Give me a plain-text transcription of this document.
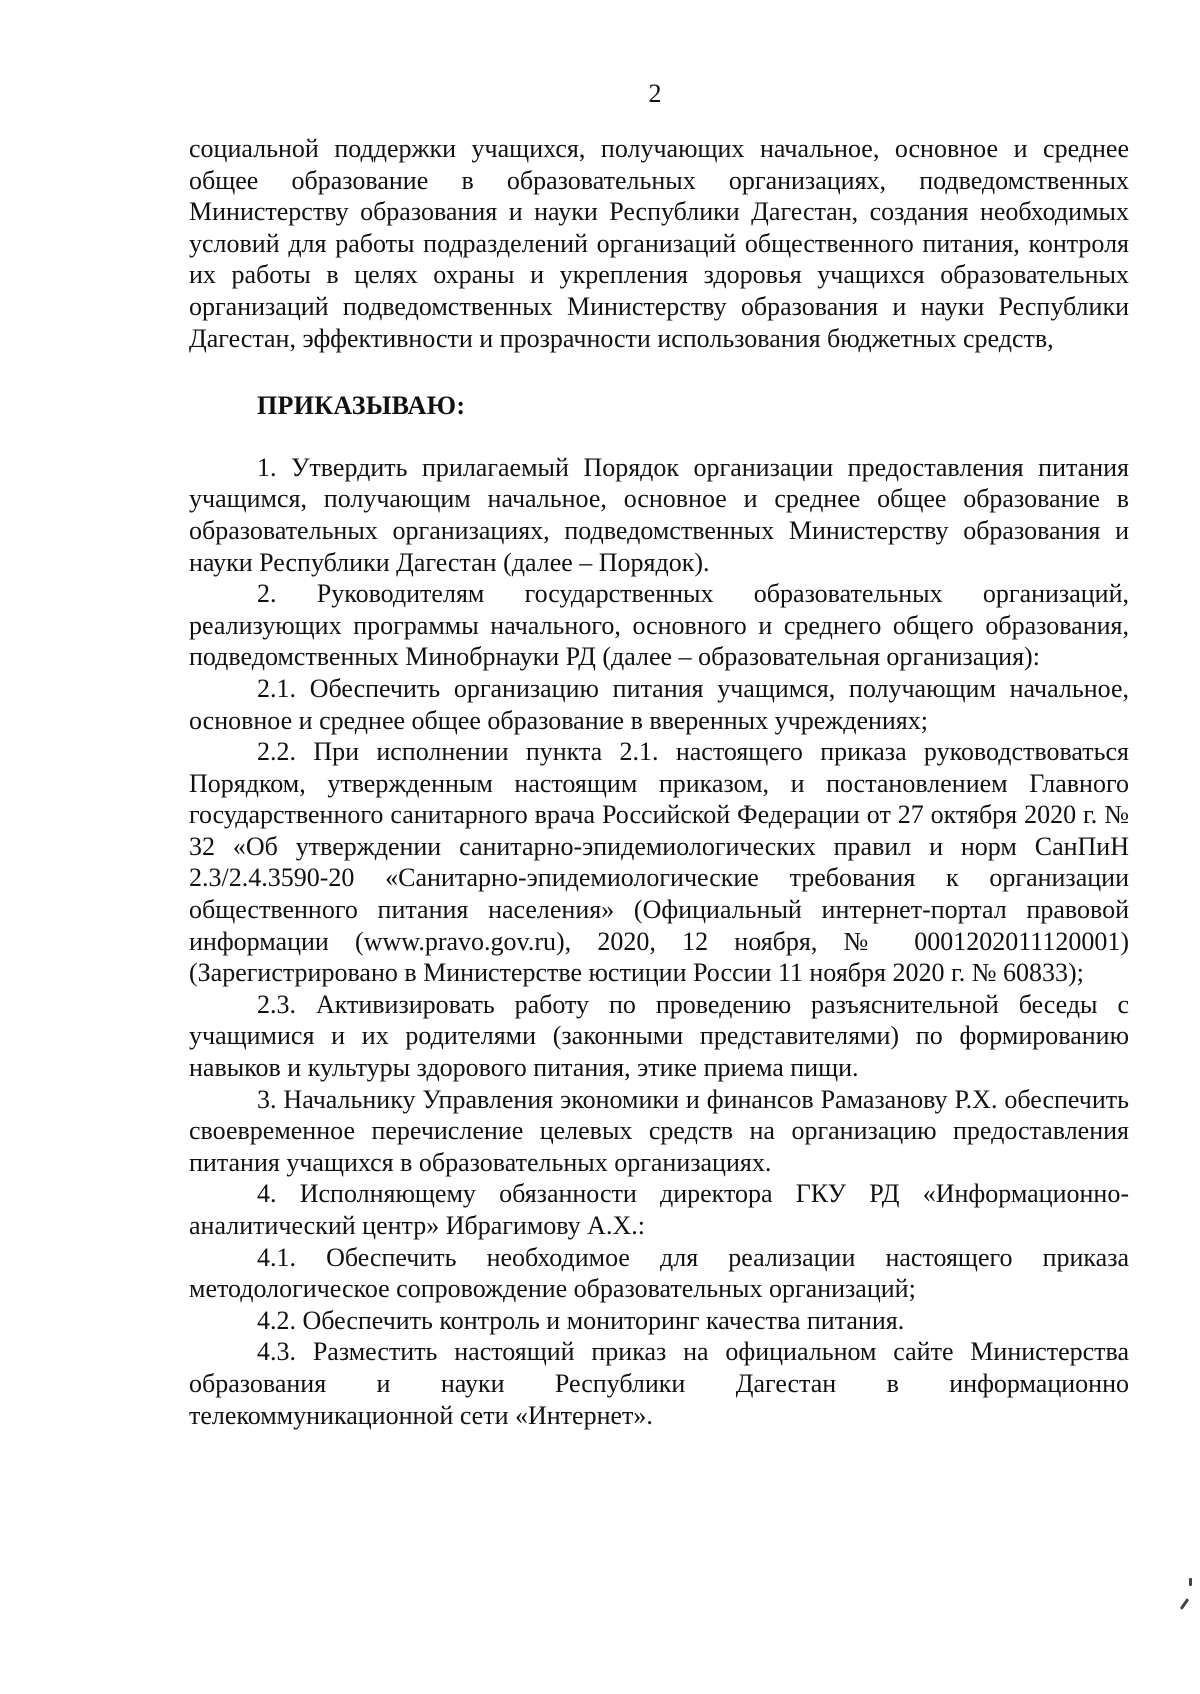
2

социальной поддержки учащихся, получающих начальное, основное и среднее общее образование в образовательных организациях, подведомственных Министерству образования и науки Республики Дагестан, создания необходимых условий для работы подразделений организаций общественного питания, контроля их работы в целях охраны и укрепления здоровья учащихся образовательных организаций подведомственных Министерству образования и науки Республики Дагестан, эффективности и прозрачности использования бюджетных средств,

ПРИКАЗЫВАЮ:

1. Утвердить прилагаемый Порядок организации предоставления питания учащимся, получающим начальное, основное и среднее общее образование в образовательных организациях, подведомственных Министерству образования и науки Республики Дагестан (далее – Порядок).

2. Руководителям государственных образовательных организаций, реализующих программы начального, основного и среднего общего образования, подведомственных Минобрнауки РД (далее – образовательная организация):

2.1. Обеспечить организацию питания учащимся, получающим начальное, основное и среднее общее образование в вверенных учреждениях;

2.2. При исполнении пункта 2.1. настоящего приказа руководствоваться Порядком, утвержденным настоящим приказом, и постановлением Главного государственного санитарного врача Российской Федерации от 27 октября 2020 г. № 32 «Об утверждении санитарно-эпидемиологических правил и норм СанПиН 2.3/2.4.3590-20 «Санитарно-эпидемиологические требования к организации общественного питания населения» (Официальный интернет-портал правовой информации (www.pravo.gov.ru), 2020, 12 ноября, № 0001202011120001) (Зарегистрировано в Министерстве юстиции России 11 ноября 2020 г. № 60833);

2.3. Активизировать работу по проведению разъяснительной беседы с учащимися и их родителями (законными представителями) по формированию навыков и культуры здорового питания, этике приема пищи.

3. Начальнику Управления экономики и финансов Рамазанову Р.Х. обеспечить своевременное перечисление целевых средств на организацию предоставления питания учащихся в образовательных организациях.

4. Исполняющему обязанности директора ГКУ РД «Информационно-аналитический центр» Ибрагимову А.Х.:

4.1. Обеспечить необходимое для реализации настоящего приказа методологическое сопровождение образовательных организаций;

4.2. Обеспечить контроль и мониторинг качества питания.

4.3. Разместить настоящий приказ на официальном сайте Министерства образования и науки Республики Дагестан в информационно телекоммуникационной сети «Интернет».
